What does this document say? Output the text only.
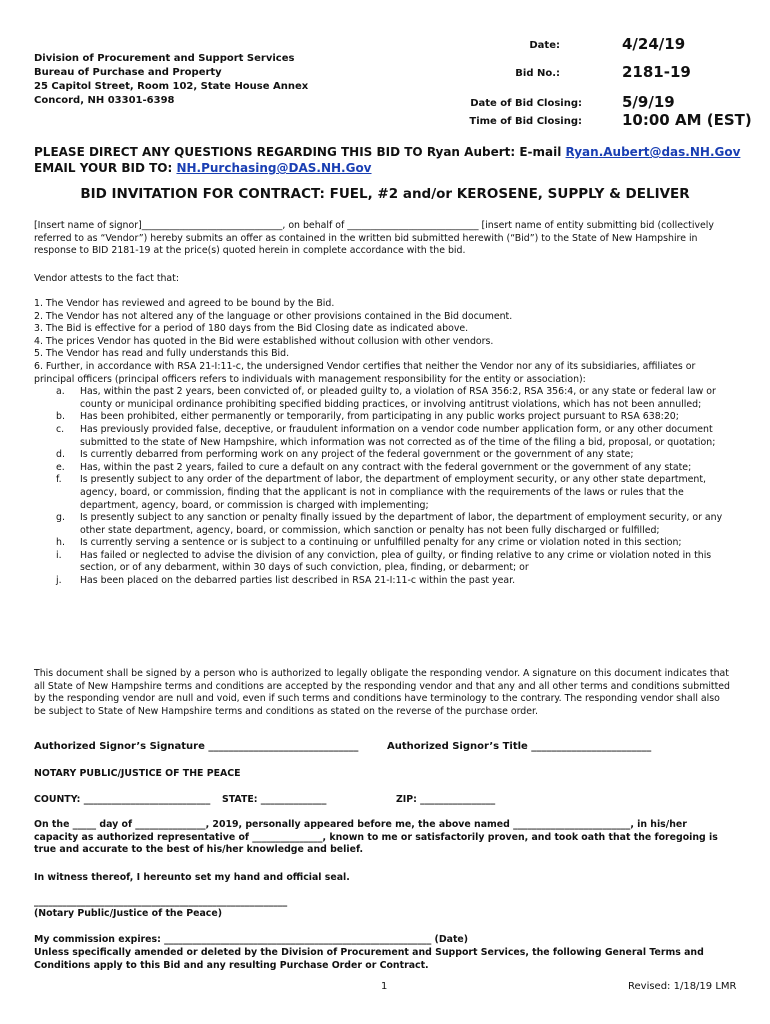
Division of Procurement and Support Services
Bureau of Purchase and Property
25 Capitol Street, Room 102, State House Annex
Concord, NH 03301-6398
Date:	4/24/19
Bid No.:	2181-19
Date of Bid Closing:	5/9/19
Time of Bid Closing:	10:00 AM (EST)
PLEASE DIRECT ANY QUESTIONS REGARDING THIS BID TO Ryan Aubert: E-mail Ryan.Aubert@das.NH.Gov
EMAIL YOUR BID TO: NH.Purchasing@DAS.NH.Gov
BID INVITATION FOR CONTRACT: FUEL, #2 and/or KEROSENE, SUPPLY & DELIVER
[Insert name of signor]______________________________, on behalf of ____________________________ [insert name of entity submitting bid (collectively referred to as “Vendor”) hereby submits an offer as contained in the written bid submitted herewith (“Bid”) to the State of New Hampshire in response to BID 2181-19 at the price(s) quoted herein in complete accordance with the bid.
Vendor attests to the fact that:
1. The Vendor has reviewed and agreed to be bound by the Bid.
2. The Vendor has not altered any of the language or other provisions contained in the Bid document.
3. The Bid is effective for a period of 180 days from the Bid Closing date as indicated above.
4. The prices Vendor has quoted in the Bid were established without collusion with other vendors.
5. The Vendor has read and fully understands this Bid.
6. Further, in accordance with RSA 21-I:11-c, the undersigned Vendor certifies that neither the Vendor nor any of its subsidiaries, affiliates or principal officers (principal officers refers to individuals with management responsibility for the entity or association):
a. Has, within the past 2 years, been convicted of, or pleaded guilty to, a violation of RSA 356:2, RSA 356:4, or any state or federal law or county or municipal ordinance prohibiting specified bidding practices, or involving antitrust violations, which has not been annulled;
b. Has been prohibited, either permanently or temporarily, from participating in any public works project pursuant to RSA 638:20;
c. Has previously provided false, deceptive, or fraudulent information on a vendor code number application form, or any other document submitted to the state of New Hampshire, which information was not corrected as of the time of the filing a bid, proposal, or quotation;
d. Is currently debarred from performing work on any project of the federal government or the government of any state;
e. Has, within the past 2 years, failed to cure a default on any contract with the federal government or the government of any state;
f. Is presently subject to any order of the department of labor, the department of employment security, or any other state department, agency, board, or commission, finding that the applicant is not in compliance with the requirements of the laws or rules that the department, agency, board, or commission is charged with implementing;
g. Is presently subject to any sanction or penalty finally issued by the department of labor, the department of employment security, or any other state department, agency, board, or commission, which sanction or penalty has not been fully discharged or fulfilled;
h. Is currently serving a sentence or is subject to a continuing or unfulfilled penalty for any crime or violation noted in this section;
i. Has failed or neglected to advise the division of any conviction, plea of guilty, or finding relative to any crime or violation noted in this section, or of any debarment, within 30 days of such conviction, plea, finding, or debarment; or
j. Has been placed on the debarred parties list described in RSA 21-I:11-c within the past year.
This document shall be signed by a person who is authorized to legally obligate the responding vendor. A signature on this document indicates that all State of New Hampshire terms and conditions are accepted by the responding vendor and that any and all other terms and conditions submitted by the responding vendor are null and void, even if such terms and conditions have terminology to the contrary. The responding vendor shall also be subject to State of New Hampshire terms and conditions as stated on the reverse of the purchase order.
Authorized Signor’s Signature ______________________________	Authorized Signor’s Title ________________________
NOTARY PUBLIC/JUSTICE OF THE PEACE
COUNTY: ___________________________ STATE: ______________	ZIP: ________________
On the _____ day of _______________, 2019, personally appeared before me, the above named _________________________, in his/her capacity as authorized representative of _______________, known to me or satisfactorily proven, and took oath that the foregoing is true and accurate to the best of his/her knowledge and belief.
In witness thereof, I hereunto set my hand and official seal.
______________________________________________________
(Notary Public/Justice of the Peace)
My commission expires: _________________________________________________________ (Date)
Unless specifically amended or deleted by the Division of Procurement and Support Services, the following General Terms and Conditions apply to this Bid and any resulting Purchase Order or Contract.
1	Revised: 1/18/19 LMR
